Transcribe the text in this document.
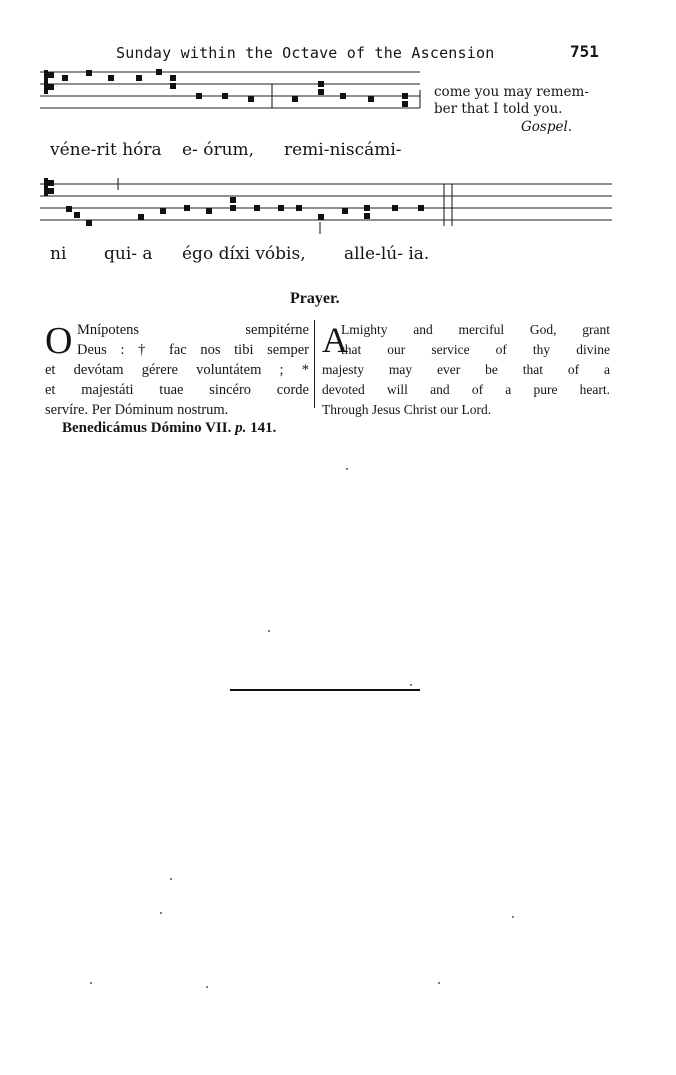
Sunday within the Octave of the Ascension	751
véne-rit hóra e- órum, remi-niscámi-
come you may remem-
ber that I told you.
Gospel.
ni qui- a égo díxi vóbis, alle-lú- ia.
Prayer.
O Mnípotens sempitérne
Deus : † fac nos tibi semper
et devótam gérere voluntátem ; *
et majestáti tuae sincéro corde
servíre. Per Dóminum nostrum.
A
Lmighty and merciful God, grant
that our service of thy divine
majesty may ever be that of a
devoted will and of a pure heart.
Through Jesus Christ our Lord.
Benedicámus Dómino VII. p. 141.
